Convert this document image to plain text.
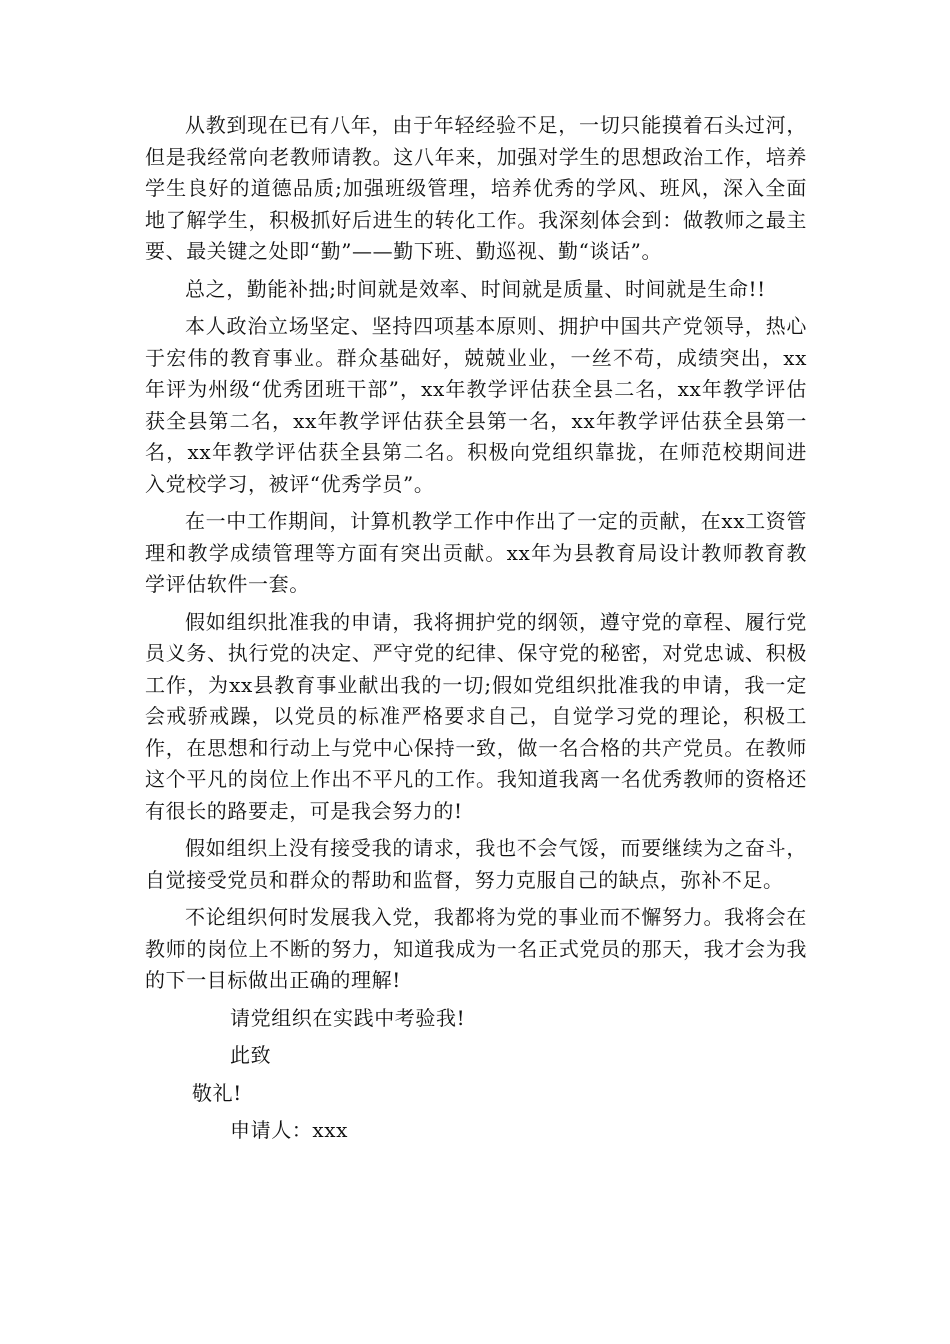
从教到现在已有八年，由于年轻经验不足，一切只能摸着石头过河，但是我经常向老教师请教。这八年来，加强对学生的思想政治工作，培养学生良好的道德品质;加强班级管理，培养优秀的学风、班风，深入全面地了解学生，积极抓好后进生的转化工作。我深刻体会到：做教师之最主要、最关键之处即“勤”——勤下班、勤巡视、勤“谈话”。

总之，勤能补拙;时间就是效率、时间就是质量、时间就是生命!!

本人政治立场坚定、坚持四项基本原则、拥护中国共产党领导，热心于宏伟的教育事业。群众基础好，兢兢业业，一丝不苟，成绩突出，xx年评为州级“优秀团班干部”，xx年教学评估获全县二名，xx年教学评估获全县第二名，xx年教学评估获全县第一名，xx年教学评估获全县第一名，xx年教学评估获全县第二名。积极向党组织靠拢，在师范校期间进入党校学习，被评“优秀学员”。

在一中工作期间，计算机教学工作中作出了一定的贡献，在xx工资管理和教学成绩管理等方面有突出贡献。xx年为县教育局设计教师教育教学评估软件一套。

假如组织批准我的申请，我将拥护党的纲领，遵守党的章程、履行党员义务、执行党的决定、严守党的纪律、保守党的秘密，对党忠诚、积极工作，为xx县教育事业献出我的一切;假如党组织批准我的申请，我一定会戒骄戒躁，以党员的标准严格要求自己，自觉学习党的理论，积极工作，在思想和行动上与党中心保持一致，做一名合格的共产党员。在教师这个平凡的岗位上作出不平凡的工作。我知道我离一名优秀教师的资格还有很长的路要走，可是我会努力的!

假如组织上没有接受我的请求，我也不会气馁，而要继续为之奋斗，自觉接受党员和群众的帮助和监督，努力克服自己的缺点，弥补不足。

不论组织何时发展我入党，我都将为党的事业而不懈努力。我将会在教师的岗位上不断的努力，知道我成为一名正式党员的那天，我才会为我的下一目标做出正确的理解!

请党组织在实践中考验我!

此致

敬礼!

申请人：xxx
